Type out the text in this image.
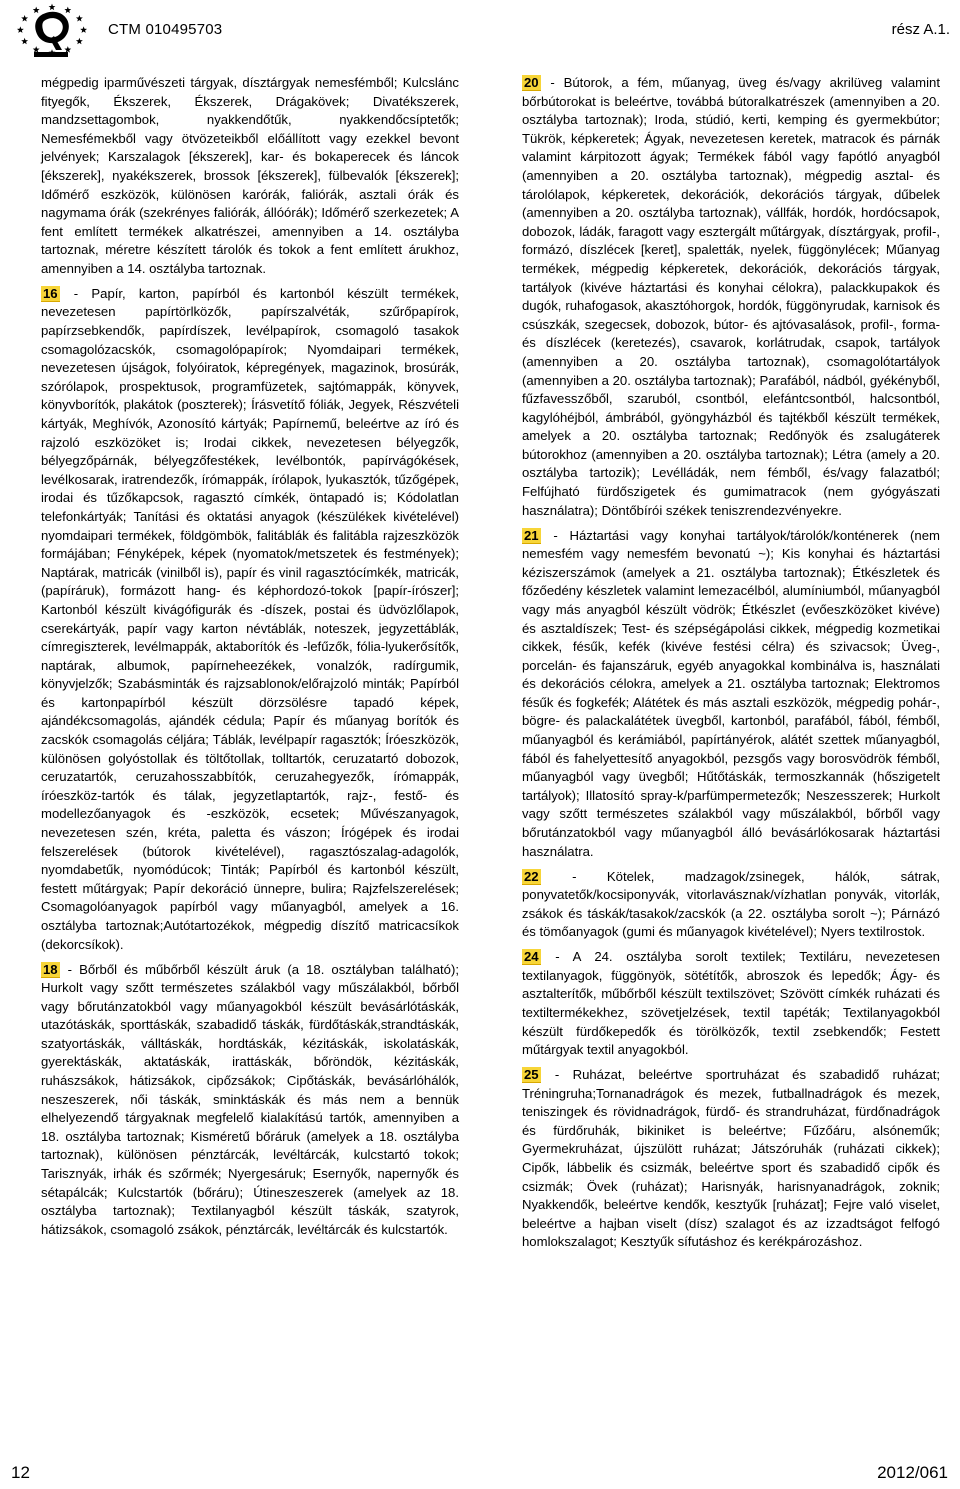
CTM 010495703	rész A.1.

mégpedig iparművészeti tárgyak, dísztárgyak nemesfémből; Kulcslánc fityegők, Ékszerek, Ékszerek, Drágakövek; Divatékszerek, mandzsettagombok, nyakkendőtűk, nyakkendőcsíptetők; Nemesfémekből vagy ötvözeteikből előállított vagy ezekkel bevont jelvények; Karszalagok [ékszerek], kar- és bokaperecek és láncok [ékszerek], nyakékszerek, brossok [ékszerek], fülbevalók [ékszerek]; Időmérő eszközök, különösen karórák, faliórák, asztali órák és nagymama órák (szekrényes faliórák, állóórák); Időmérő szerkezetek; A fent említett termékek alkatrészei, amennyiben a 14. osztályba tartoznak, méretre készített tárolók és tokok a fent említett árukhoz, amennyiben a 14. osztályba tartoznak.

16 - Papír, karton, papírból és kartonból készült termékek, nevezetesen papírtörlközők, papírszalvéták, szűrőpapírok, papírzsebkendők, papírdíszek, levélpapírok, csomagoló tasakok csomagolózacskók, csomagolópapírok; Nyomdaipari termékek, nevezetesen újságok, folyóiratok, képregények, magazinok, brosúrák, szórólapok, prospektusok, programfüzetek, sajtómappák, könyvek, könyvborítók, plakátok (poszterek); Írásvetítő fóliák, Jegyek, Részvételi kártyák, Meghívók, Azonosító kártyák; Papírnemű, beleértve az író és rajzoló eszközöket is; Irodai cikkek, nevezetesen bélyegzők, bélyegzőpárnák, bélyegzőfestékek, levélbontók, papírvágókések, levélkosarak, iratrendezők, írómappák, írólapok, lyukasztók, tűzőgépek, irodai és tűzőkapcsok, ragasztó címkék, öntapadó is; Kódolatlan telefonkártyák; Tanítási és oktatási anyagok (készülékek kivételével) nyomdaipari termékek, földgömbök, falitáblák és falitábla rajzeszközök formájában; Fényképek, képek (nyomatok/metszetek és festmények); Naptárak, matricák (vinilből is), papír és vinil ragasztócímkék, matricák, (papíráruk), formázott hang- és képhordozó-tokok [papír-írószer]; Kartonból készült kivágófigurák és -díszek, postai és üdvözlőlapok, cserekártyák, papír vagy karton névtáblák, noteszek, jegyzettáblák, címregiszterek, levélmappák, aktaborítók és -lefűzők, fólia-lyukerősítők, naptárak, albumok, papírneheezékek, vonalzók, radírgumik, könyvjelzők; Szabásminták és rajzsablonok/előrajzoló minták; Papírból és kartonpapírból készült dörzsölésre tapadó képek, ajándékcsomagolás, ajándék cédula; Papír és műanyag borítók és zacskók csomagolás céljára; Táblák, levélpapír ragasztók; Íróeszközök, különösen golyóstollak és töltőtollak, tolltartók, ceruzatartó dobozok, ceruzatartók, ceruzahosszabbítók, ceruzahegyezők, írómappák, íróeszköz-tartók és tálak, jegyzetlaptartók, rajz-, festő- és modellezőanyagok és -eszközök, ecsetek; Művészanyagok, nevezetesen szén, kréta, paletta és vászon; Írógépek és irodai felszerelések (bútorok kivételével), ragasztószalag-adagolók, nyomdabetűk, nyomódúcok; Tinták; Papírból és kartonból készült, festett műtárgyak; Papír dekoráció ünnepre, bulira; Rajzfelszerelések; Csomagolóanyagok papírból vagy műanyagból, amelyek a 16. osztályba tartoznak;Autótartozékok, mégpedig díszítő matricacsíkok (dekorcsíkok).

18 - Bőrből és műbőrből készült áruk (a 18. osztályban található); Hurkolt vagy szőtt természetes szálakból vagy műszálakból, bőrből vagy bőrutánzatokból vagy műanyagokból készült bevásárlótáskák, utazótáskák, sporttáskák, szabadidő táskák, fürdőtáskák,strandtáskák, szatyortáskák, válltáskák, hordtáskák, kézitáskák, iskolatáskák, gyerektáskák, aktatáskák, irattáskák, bőröndök, kézitáskák, ruhászsákok, hátizsákok, cipőzsákok; Cipőtáskák, bevásárlóhálók, neszeszerek, női táskák, sminktáskák és más nem a bennük elhelyezendő tárgyaknak megfelelő kialakítású tartók, amennyiben a 18. osztályba tartoznak; Kisméretű bőráruk (amelyek a 18. osztályba tartoznak), különösen pénztárcák, levéltárcák, kulcstartó tokok; Tarisznyák, irhák és szőrmék; Nyergesáruk; Esernyők, napernyők és sétapálcák; Kulcstartók (bőráru); Útineszeszerek (amelyek az 18. osztályba tartoznak); Textilanyagból készült táskák, szatyrok, hátizsákok, csomagoló zsákok, pénztárcák, levéltárcák és kulcstartók.

20 - Bútorok, a fém, műanyag, üveg és/vagy akrilüveg valamint bőrbútorokat is beleértve, továbbá bútoralkatrészek (amennyiben a 20. osztályba tartoznak); Iroda, stúdió, kerti, kemping és gyermekbútor; Tükrök, képkeretek; Ágyak, nevezetesen keretek, matracok és párnák valamint kárpitozott ágyak; Termékek fából vagy fapótló anyagból (amennyiben a 20. osztályba tartoznak), mégpedig asztal- és tárolólapok, képkeretek, dekorációk, dekorációs tárgyak, dűbelek (amennyiben a 20. osztályba tartoznak), vállfák, hordók, hordócsapok, dobozok, ládák, faragott vagy esztergált műtárgyak, dísztárgyak, profil-, formázó, díszlécek [keret], spaletták, nyelek, függönylécek; Műanyag termékek, mégpedig képkeretek, dekorációk, dekorációs tárgyak, tartályok (kivéve háztartási és konyhai célokra), palackkupakok és dugók, ruhafogasok, akasztóhorgok, hordók, függönyrudak, karnisok és csúszkák, szegecsek, dobozok, bútor- és ajtóvasalások, profil-, forma- és díszlécek (keretezés), csavarok, korlátrudak, csapok, tartályok (amennyiben a 20. osztályba tartoznak), csomagolótartályok (amennyiben a 20. osztályba tartoznak); Parafából, nádból, gyékényből, fűzfavesszőből, szaruból, csontból, elefántcsontból, halcsontból, kagylóhéjból, ámbrából, gyöngyházból és tajtékből készült termékek, amelyek a 20. osztályba tartoznak; Redőnyök és zsalugáterek bútorokhoz (amennyiben a 20. osztályba tartoznak); Létra (amely a 20. osztályba tartozik); Levélládák, nem fémből, és/vagy falazatból; Felfújható fürdőszigetek és gumimatracok (nem gyógyászati használatra); Döntőbírói székek teniszrendezvényekre.

21 - Háztartási vagy konyhai tartályok/tárolók/konténerek (nem nemesfém vagy nemesfém bevonatú ~); Kis konyhai és háztartási kéziszerszámok (amelyek a 21. osztályba tartoznak); Étkészletek és főzőedény készletek valamint lemezacélból, alumíniumból, műanyagból vagy más anyagból készült vödrök; Étkészlet (evőeszközöket kivéve) és asztaldíszek; Test- és szépségápolási cikkek, mégpedig kozmetikai cikkek, fésűk, kefék (kivéve festési célra) és szivacsok; Üveg-, porcelán- és fajanszáruk, egyéb anyagokkal kombinálva is, használati és dekorációs célokra, amelyek a 21. osztályba tartoznak; Elektromos fésűk és fogkefék; Alátétek és más asztali eszközök, mégpedig pohár-, bögre- és palackalátétek üvegből, kartonból, parafából, fából, fémből, műanyagból és kerámiából, papírtányérok, alátét szettek műanyagból, fából és fahelyettesítő anyagokból, pezsgős vagy borosvödrök fémből, műanyagból vagy üvegből; Hűtőtáskák, termoszkannák (hőszigetelt tartályok); Illatosító spray-k/parfümpermetezők; Neszesszerek; Hurkolt vagy szőtt természetes szálakból vagy műszálakból, bőrből vagy bőrutánzatokból vagy műanyagból álló bevásárlókosarak háztartási használatra.

22 - Kötelek, madzagok/zsinegek, hálók, sátrak, ponyvatetők/kocsiponyvák, vitorlavásznak/vízhatlan ponyvák, vitorlák, zsákok és táskák/tasakok/zacskók (a 22. osztályba sorolt ~); Párnázó és tömőanyagok (gumi és műanyagok kivételével); Nyers textilrostok.

24 - A 24. osztályba sorolt textilek; Textiláru, nevezetesen textilanyagok, függönyök, sötétítők, abroszok és lepedők; Ágy- és asztalterítők, műbőrből készült textilszövet; Szövött címkék ruházati és textiltermékekhez, szövetjelzések, textil tapéták; Textilanyagokból készült fürdőkepedők és törölközők, textil zsebkendők; Festett műtárgyak textil anyagokból.

25 - Ruházat, beleértve sportruházat és szabadidő ruházat; Tréningruha;Tornanadrágok és mezek, futballnadrágok és mezek, teniszingek és rövidnadrágok, fürdő- és strandruházat, fürdőnadrágok és fürdőruhák, bikiniket is beleértve; Fűzőáru, alsóneműk; Gyermekruházat, újszülött ruházat; Játszóruhák (ruházati cikkek); Cipők, lábbelik és csizmák, beleértve sport és szabadidő cipők és csizmák; Övek (ruházat); Harisnyák, harisnyanadrágok, zoknik; Nyakkendők, beleértve kendők, kesztyűk [ruházat]; Fejre való viselet, beleértve a hajban viselt (dísz) szalagot és az izzadtságot felfogó homlokszalagot; Kesztyűk sífutáshoz és kerékpározáshoz.

12	2012/061
